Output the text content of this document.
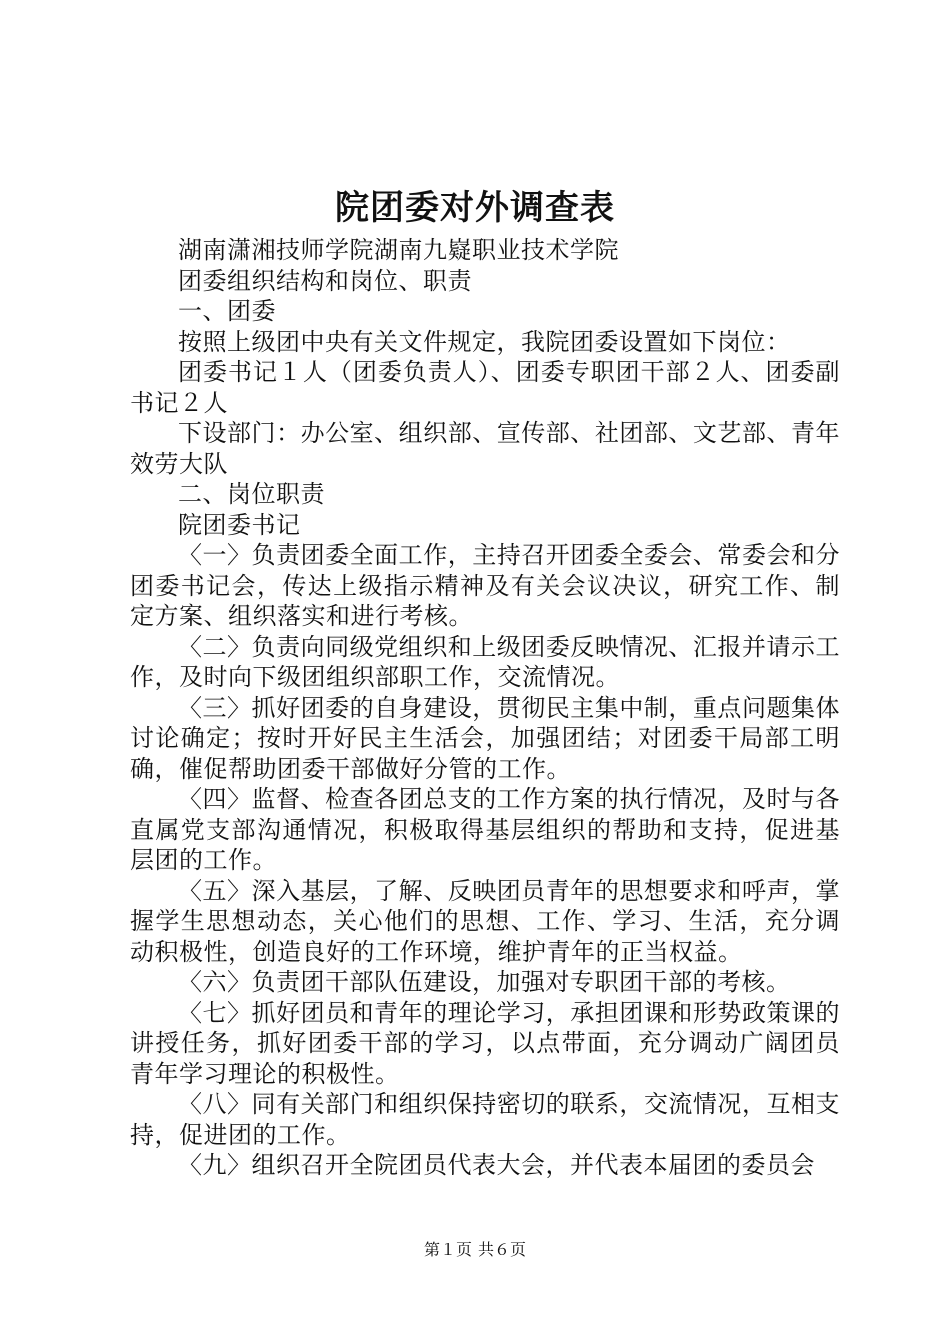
院团委对外调查表

湖南潇湘技师学院湖南九嶷职业技术学院

团委组织结构和岗位、职责

一、团委

按照上级团中央有关文件规定，我院团委设置如下岗位：

团委书记１人（团委负责人）、团委专职团干部２人、团委副书记２人

下设部门：办公室、组织部、宣传部、社团部、文艺部、青年效劳大队

二、岗位职责

院团委书记

〈一〉负责团委全面工作，主持召开团委全委会、常委会和分团委书记会，传达上级指示精神及有关会议决议，研究工作、制定方案、组织落实和进行考核。

〈二〉负责向同级党组织和上级团委反映情况、汇报并请示工作，及时向下级团组织部职工作，交流情况。

〈三〉抓好团委的自身建设，贯彻民主集中制，重点问题集体讨论确定；按时开好民主生活会，加强团结；对团委干局部工明确，催促帮助团委干部做好分管的工作。

〈四〉监督、检查各团总支的工作方案的执行情况，及时与各直属党支部沟通情况，积极取得基层组织的帮助和支持，促进基层团的工作。

〈五〉深入基层，了解、反映团员青年的思想要求和呼声，掌握学生思想动态，关心他们的思想、工作、学习、生活，充分调动积极性，创造良好的工作环境，维护青年的正当权益。

〈六〉负责团干部队伍建设，加强对专职团干部的考核。

〈七〉抓好团员和青年的理论学习，承担团课和形势政策课的讲授任务，抓好团委干部的学习，以点带面，充分调动广阔团员青年学习理论的积极性。

〈八〉同有关部门和组织保持密切的联系，交流情况，互相支持，促进团的工作。

〈九〉组织召开全院团员代表大会，并代表本届团的委员会

第１页 共６页
